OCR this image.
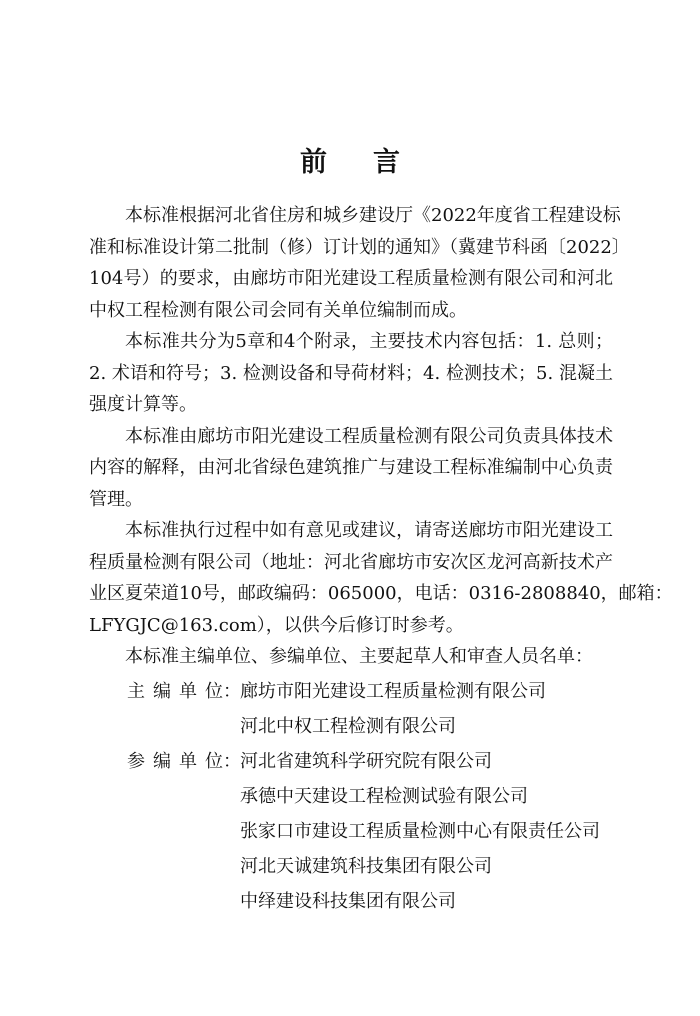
前 言
本标准根据河北省住房和城乡建设厅《2022年度省工程建设标
准和标准设计第二批制（修）订计划的通知》（冀建节科函〔2022〕
104号）的要求，由廊坊市阳光建设工程质量检测有限公司和河北
中权工程检测有限公司会同有关单位编制而成。
本标准共分为5章和4个附录，主要技术内容包括：1. 总则；
2. 术语和符号；3. 检测设备和导荷材料；4. 检测技术；5. 混凝土
强度计算等。
本标准由廊坊市阳光建设工程质量检测有限公司负责具体技术
内容的解释，由河北省绿色建筑推广与建设工程标准编制中心负责
管理。
本标准执行过程中如有意见或建议，请寄送廊坊市阳光建设工
程质量检测有限公司（地址：河北省廊坊市安次区龙河高新技术产
业区夏荣道10号，邮政编码：065000，电话：0316-2808840，邮箱：
LFYGJC@163.com），以供今后修订时参考。
本标准主编单位、参编单位、主要起草人和审查人员名单：
主编单位： 廊坊市阳光建设工程质量检测有限公司
河北中权工程检测有限公司
参编单位： 河北省建筑科学研究院有限公司
承德中天建设工程检测试验有限公司
张家口市建设工程质量检测中心有限责任公司
河北天诚建筑科技集团有限公司
中绎建设科技集团有限公司
